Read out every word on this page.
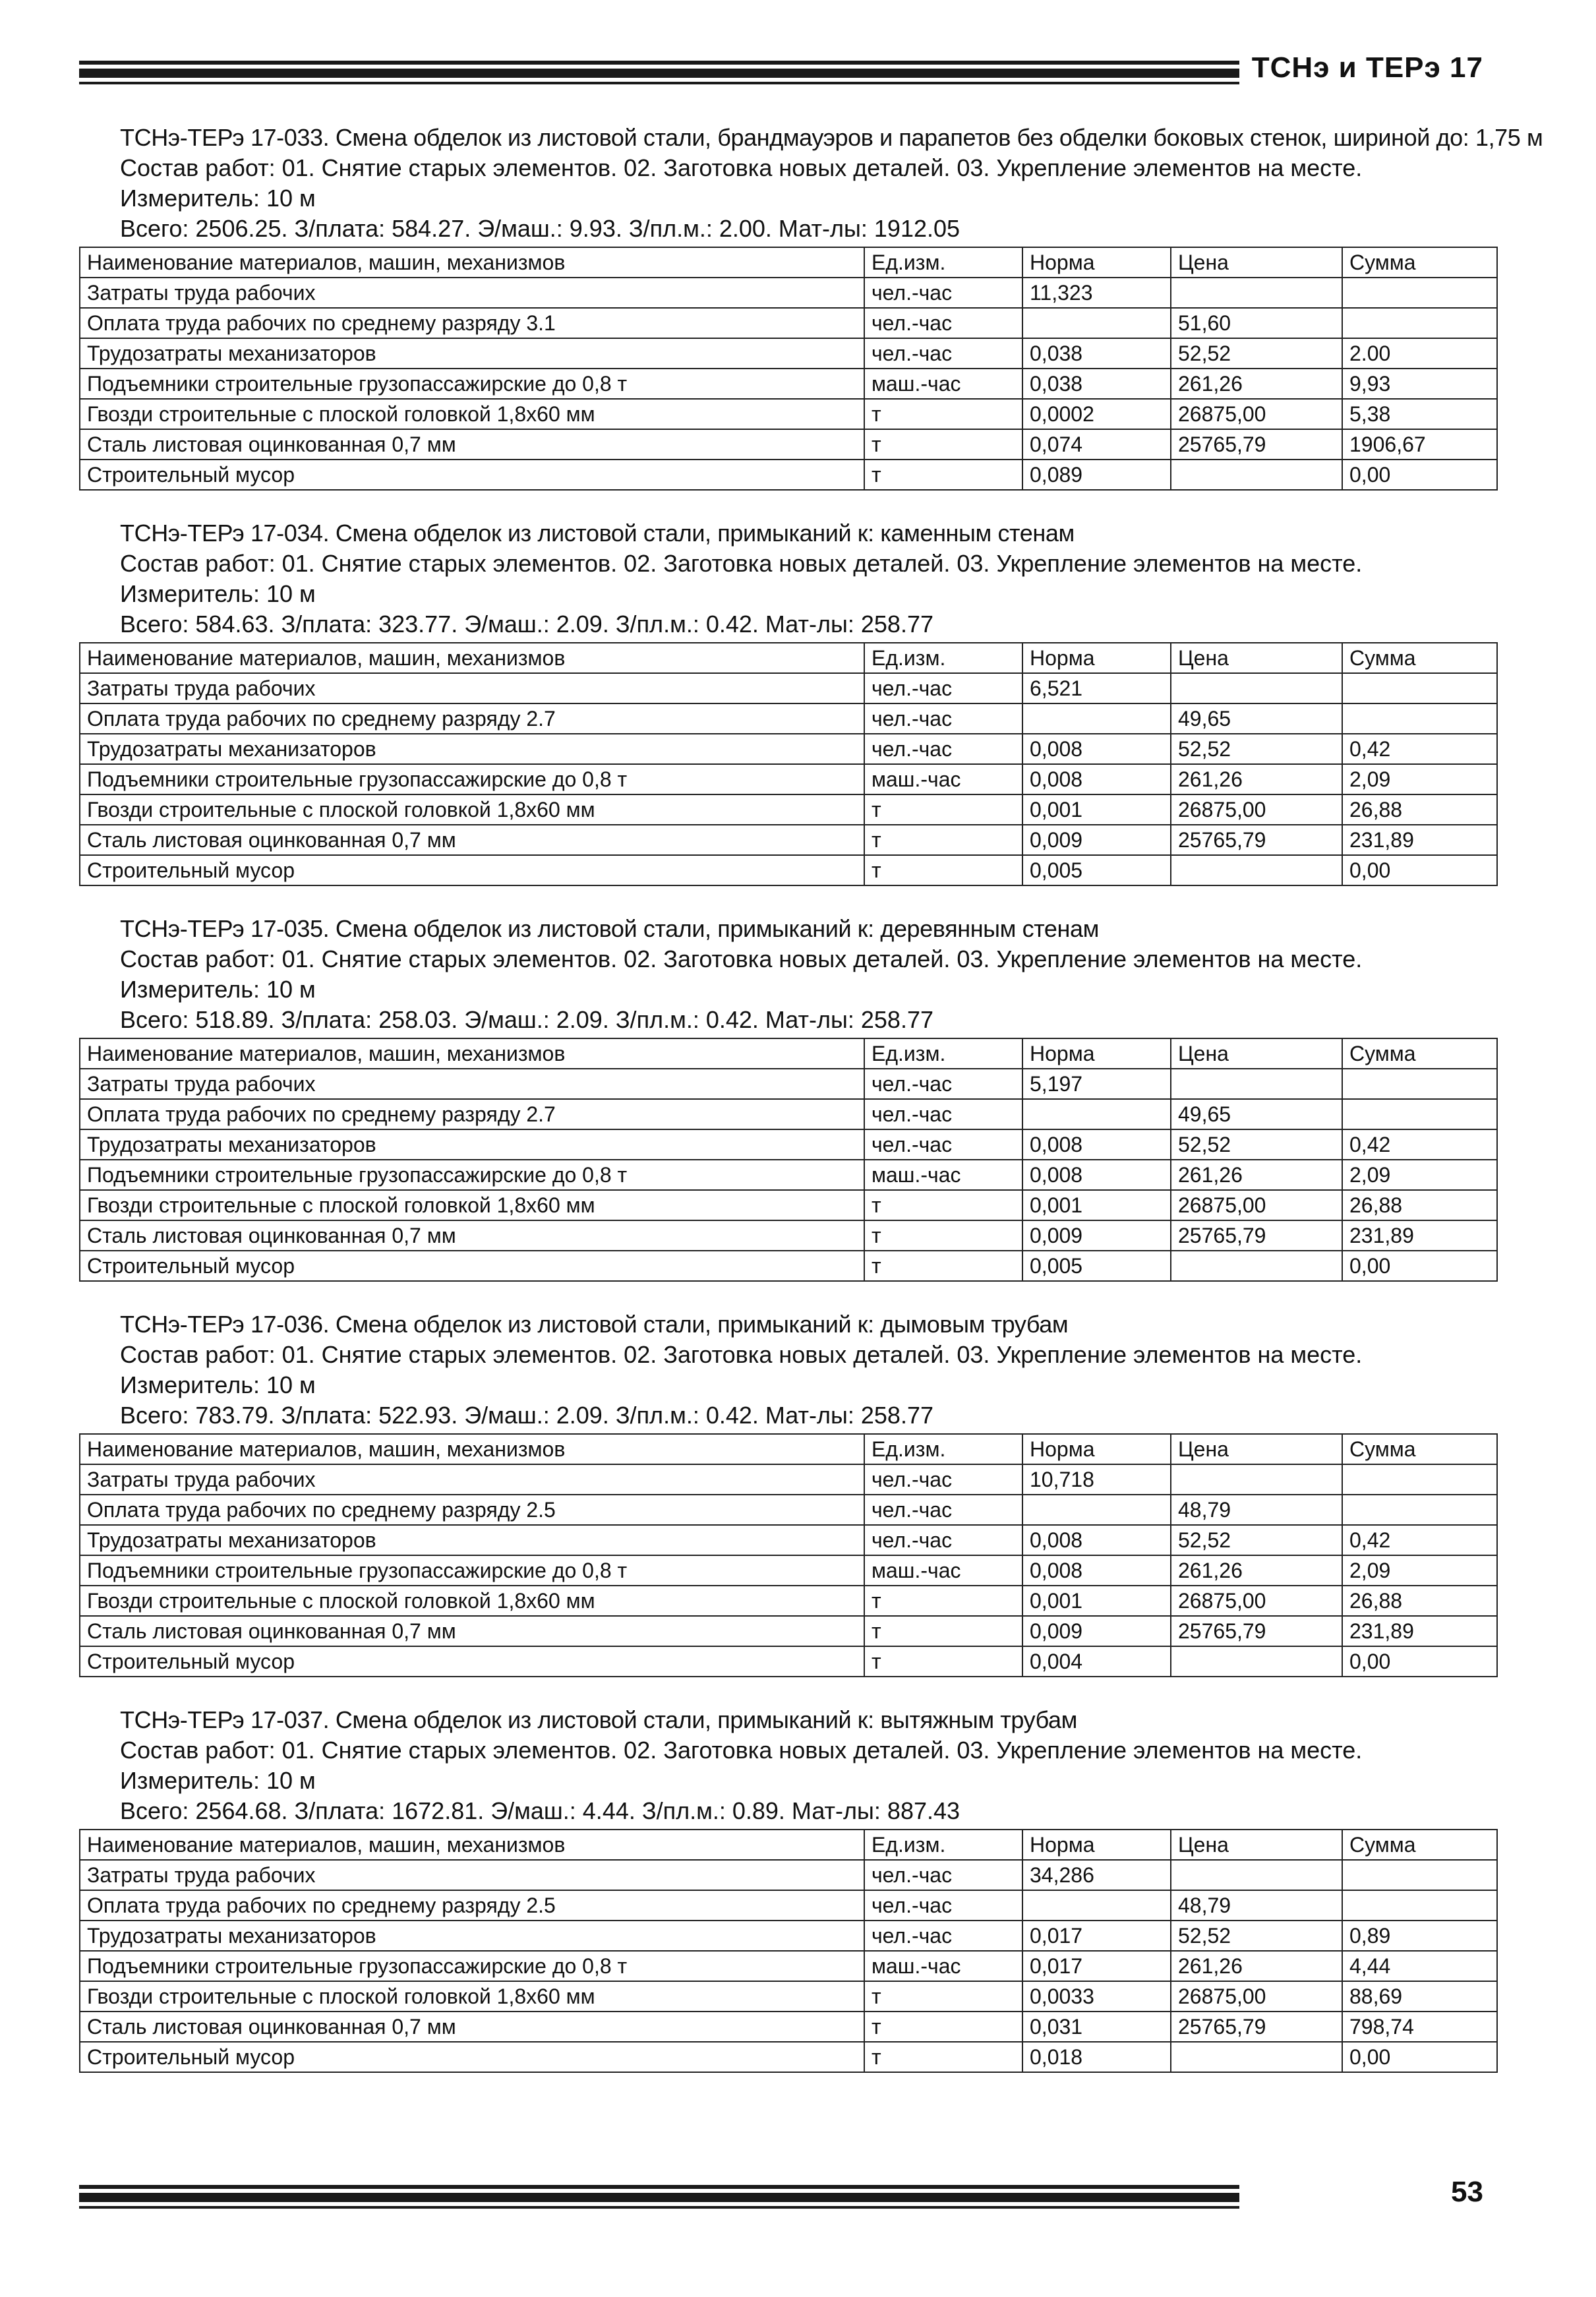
ТСНэ и ТЕРэ 17
ТСНэ-ТЕРэ 17-033. Смена обделок из листовой стали, брандмауэров и парапетов без обделки боковых стенок, шириной до: 1,75 м
Состав работ: 01. Снятие старых элементов. 02. Заготовка новых деталей. 03. Укрепление элементов на месте.
Измеритель: 10 м
Всего: 2506.25. З/плата: 584.27. Э/маш.: 9.93. З/пл.м.: 2.00. Мат-лы: 1912.05
Наименование материалов, машин, механизмов	Ед.изм.	Норма	Цена	Сумма
Затраты труда рабочих	чел.-час	11,323		
Оплата труда рабочих по среднему разряду 3.1	чел.-час		51,60	
Трудозатраты механизаторов	чел.-час	0,038	52,52	2.00
Подъемники строительные грузопассажирские до 0,8 т	маш.-час	0,038	261,26	9,93
Гвозди строительные с плоской головкой 1,8х60 мм	т	0,0002	26875,00	5,38
Сталь листовая оцинкованная 0,7 мм	т	0,074	25765,79	1906,67
Строительный мусор	т	0,089		0,00
ТСНэ-ТЕРэ 17-034. Смена обделок из листовой стали, примыканий к: каменным стенам
Состав работ: 01. Снятие старых элементов. 02. Заготовка новых деталей. 03. Укрепление элементов на месте.
Измеритель: 10 м
Всего: 584.63. З/плата: 323.77. Э/маш.: 2.09. З/пл.м.: 0.42. Мат-лы: 258.77
Наименование материалов, машин, механизмов	Ед.изм.	Норма	Цена	Сумма
Затраты труда рабочих	чел.-час	6,521		
Оплата труда рабочих по среднему разряду 2.7	чел.-час		49,65	
Трудозатраты механизаторов	чел.-час	0,008	52,52	0,42
Подъемники строительные грузопассажирские до 0,8 т	маш.-час	0,008	261,26	2,09
Гвозди строительные с плоской головкой 1,8х60 мм	т	0,001	26875,00	26,88
Сталь листовая оцинкованная 0,7 мм	т	0,009	25765,79	231,89
Строительный мусор	т	0,005		0,00
ТСНэ-ТЕРэ 17-035. Смена обделок из листовой стали, примыканий к: деревянным стенам
Состав работ: 01. Снятие старых элементов. 02. Заготовка новых деталей. 03. Укрепление элементов на месте.
Измеритель: 10 м
Всего: 518.89. З/плата: 258.03. Э/маш.: 2.09. З/пл.м.: 0.42. Мат-лы: 258.77
Наименование материалов, машин, механизмов	Ед.изм.	Норма	Цена	Сумма
Затраты труда рабочих	чел.-час	5,197		
Оплата труда рабочих по среднему разряду 2.7	чел.-час		49,65	
Трудозатраты механизаторов	чел.-час	0,008	52,52	0,42
Подъемники строительные грузопассажирские до 0,8 т	маш.-час	0,008	261,26	2,09
Гвозди строительные с плоской головкой 1,8х60 мм	т	0,001	26875,00	26,88
Сталь листовая оцинкованная 0,7 мм	т	0,009	25765,79	231,89
Строительный мусор	т	0,005		0,00
ТСНэ-ТЕРэ 17-036. Смена обделок из листовой стали, примыканий к: дымовым трубам
Состав работ: 01. Снятие старых элементов. 02. Заготовка новых деталей. 03. Укрепление элементов на месте.
Измеритель: 10 м
Всего: 783.79. З/плата: 522.93. Э/маш.: 2.09. З/пл.м.: 0.42. Мат-лы: 258.77
Наименование материалов, машин, механизмов	Ед.изм.	Норма	Цена	Сумма
Затраты труда рабочих	чел.-час	10,718		
Оплата труда рабочих по среднему разряду 2.5	чел.-час		48,79	
Трудозатраты механизаторов	чел.-час	0,008	52,52	0,42
Подъемники строительные грузопассажирские до 0,8 т	маш.-час	0,008	261,26	2,09
Гвозди строительные с плоской головкой 1,8х60 мм	т	0,001	26875,00	26,88
Сталь листовая оцинкованная 0,7 мм	т	0,009	25765,79	231,89
Строительный мусор	т	0,004		0,00
ТСНэ-ТЕРэ 17-037. Смена обделок из листовой стали, примыканий к: вытяжным трубам
Состав работ: 01. Снятие старых элементов. 02. Заготовка новых деталей. 03. Укрепление элементов на месте.
Измеритель: 10 м
Всего: 2564.68. З/плата: 1672.81. Э/маш.: 4.44. З/пл.м.: 0.89. Мат-лы: 887.43
Наименование материалов, машин, механизмов	Ед.изм.	Норма	Цена	Сумма
Затраты труда рабочих	чел.-час	34,286		
Оплата труда рабочих по среднему разряду 2.5	чел.-час		48,79	
Трудозатраты механизаторов	чел.-час	0,017	52,52	0,89
Подъемники строительные грузопассажирские до 0,8 т	маш.-час	0,017	261,26	4,44
Гвозди строительные с плоской головкой 1,8х60 мм	т	0,0033	26875,00	88,69
Сталь листовая оцинкованная 0,7 мм	т	0,031	25765,79	798,74
Строительный мусор	т	0,018		0,00
53
